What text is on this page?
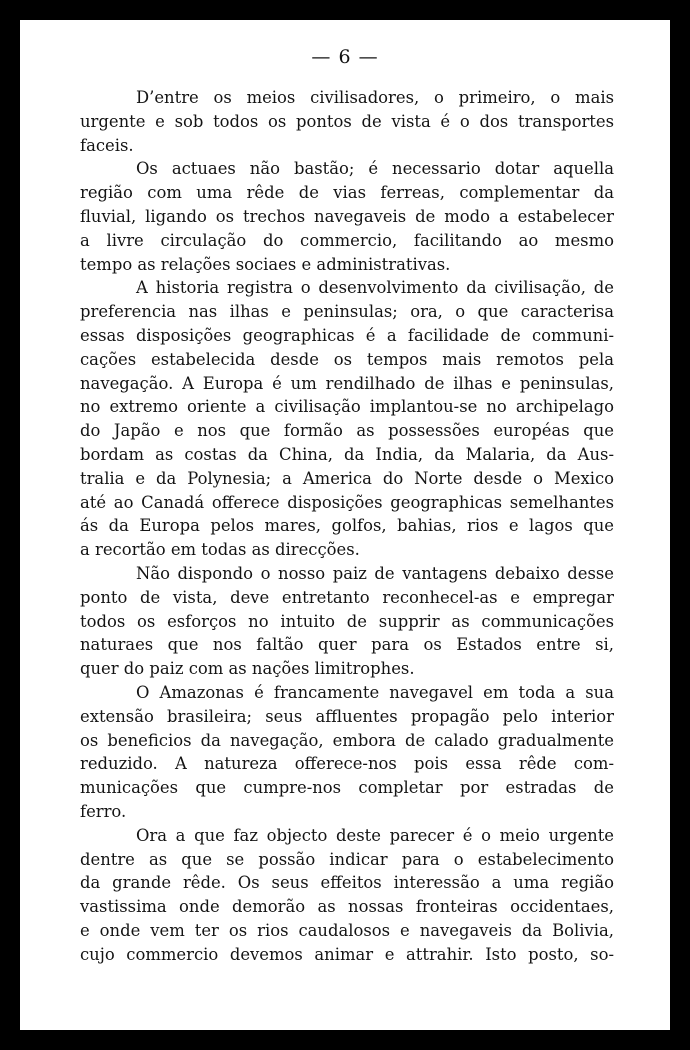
— 6 —
D’entre os meios civilisadores, o primeiro, o mais
urgente e sob todos os pontos de vista é o dos transportes
faceis.
Os actuaes não bastão; é necessario dotar aquella
região com uma rêde de vias ferreas, complementar da
fluvial, ligando os trechos navegaveis de modo a estabelecer
a livre circulação do commercio, facilitando ao mesmo
tempo as relações sociaes e administrativas.
A historia registra o desenvolvimento da civilisação, de
preferencia nas ilhas e peninsulas; ora, o que caracterisa
essas disposições geographicas é a facilidade de communi-
cações estabelecida desde os tempos mais remotos pela
navegação. A Europa é um rendilhado de ilhas e peninsulas,
no extremo oriente a civilisação implantou-se no archipelago
do Japão e nos que formão as possessões européas que
bordam as costas da China, da India, da Malaria, da Aus-
tralia e da Polynesia; a America do Norte desde o Mexico
até ao Canadá offerece disposições geographicas semelhantes
ás da Europa pelos mares, golfos, bahias, rios e lagos que
a recortão em todas as direcções.
Não dispondo o nosso paiz de vantagens debaixo desse
ponto de vista, deve entretanto reconhecel-as e empregar
todos os esforços no intuito de supprir as communicações
naturaes que nos faltão quer para os Estados entre si,
quer do paiz com as nações limitrophes.
O Amazonas é francamente navegavel em toda a sua
extensão brasileira; seus affluentes propagão pelo interior
os beneficios da navegação, embora de calado gradualmente
reduzido. A natureza offerece-nos pois essa rêde com-
municações que cumpre-nos completar por estradas de
ferro.
Ora a que faz objecto deste parecer é o meio urgente
dentre as que se possão indicar para o estabelecimento
da grande rêde. Os seus effeitos interessão a uma região
vastissima onde demorão as nossas fronteiras occidentaes,
e onde vem ter os rios caudalosos e navegaveis da Bolivia,
cujo commercio devemos animar e attrahir. Isto posto, so-
